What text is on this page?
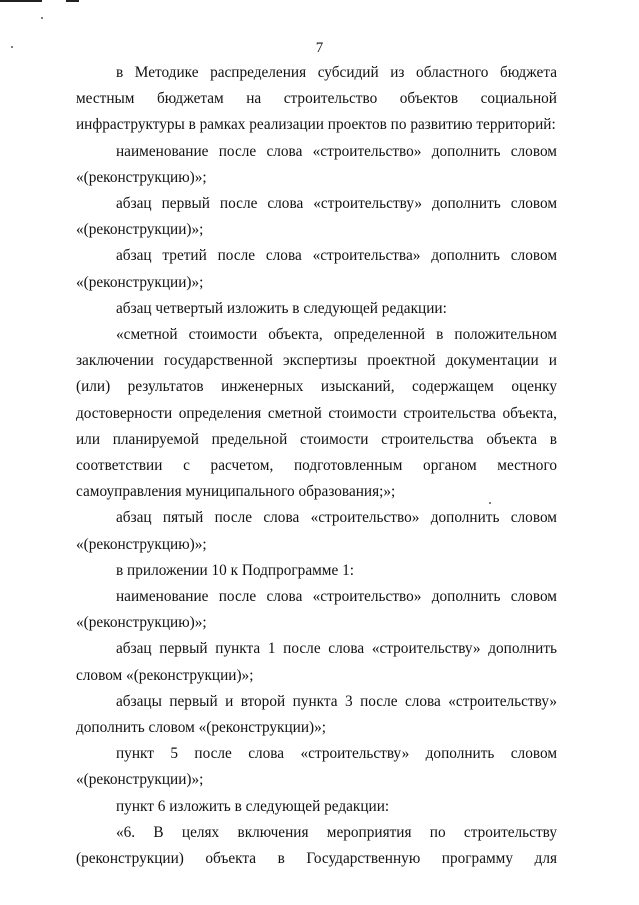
7

в Методике распределения субсидий из областного бюджета местным бюджетам на строительство объектов социальной инфраструктуры в рамках реализации проектов по развитию территорий:

наименование после слова «строительство» дополнить словом «(реконструкцию)»;

абзац первый после слова «строительству» дополнить словом «(реконструкции)»;

абзац третий после слова «строительства» дополнить словом «(реконструкции)»;

абзац четвертый изложить в следующей редакции:

«сметной стоимости объекта, определенной в положительном заключении государственной экспертизы проектной документации и (или) результатов инженерных изысканий, содержащем оценку достоверности определения сметной стоимости строительства объекта, или планируемой предельной стоимости строительства объекта в соответствии с расчетом, подготовленным органом местного самоуправления муниципального образования;»;

абзац пятый после слова «строительство» дополнить словом «(реконструкцию)»;

в приложении 10 к Подпрограмме 1:

наименование после слова «строительство» дополнить словом «(реконструкцию)»;

абзац первый пункта 1 после слова «строительству» дополнить словом «(реконструкции)»;

абзацы первый и второй пункта 3 после слова «строительству» дополнить словом «(реконструкции)»;

пункт 5 после слова «строительству» дополнить словом «(реконструкции)»;

пункт 6 изложить в следующей редакции:

«6. В целях включения мероприятия по строительству (реконструкции) объекта в Государственную программу для
